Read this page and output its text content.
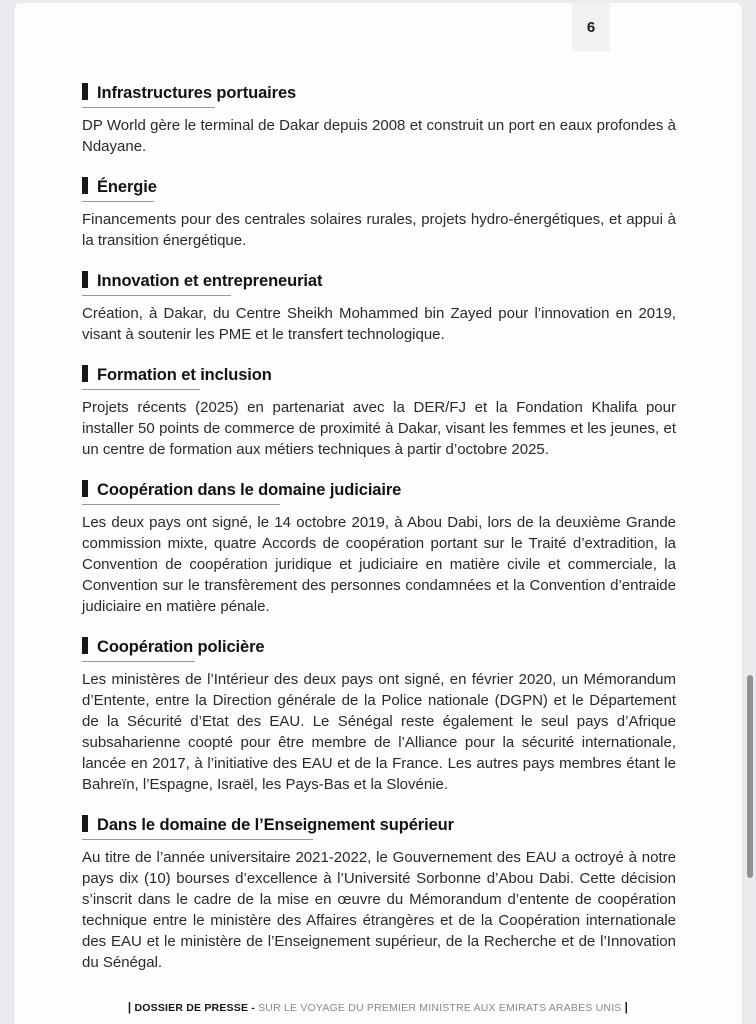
6
Infrastructures portuaires

DP World gère le terminal de Dakar depuis 2008 et construit un port en eaux profondes à Ndayane.

Énergie

Financements pour des centrales solaires rurales, projets hydro-énergétiques, et appui à la transition énergétique.

Innovation et entrepreneuriat

Création, à Dakar, du Centre Sheikh Mohammed bin Zayed pour l’innovation en 2019, visant à soutenir les PME et le transfert technologique.

Formation et inclusion

Projets récents (2025) en partenariat avec la DER/FJ et la Fondation Khalifa pour installer 50 points de commerce de proximité à Dakar, visant les femmes et les jeunes, et un centre de formation aux métiers techniques à partir d’octobre 2025.

Coopération dans le domaine judiciaire

Les deux pays ont signé, le 14 octobre 2019, à Abou Dabi, lors de la deuxième Grande commission mixte, quatre Accords de coopération portant sur le Traité d’extradition, la Convention de coopération juridique et judiciaire en matière civile et commerciale, la Convention sur le transfèrement des personnes condamnées et la Convention d’entraide judiciaire en matière pénale.

Coopération policière

Les ministères de l’Intérieur des deux pays ont signé, en février 2020, un Mémorandum d’Entente, entre la Direction générale de la Police nationale (DGPN) et le Département de la Sécurité d’Etat des EAU. Le Sénégal reste également le seul pays d’Afrique subsaharienne coopté pour être membre de l’Alliance pour la sécurité internationale, lancée en 2017, à l’initiative des EAU et de la France. Les autres pays membres étant le Bahreïn, l’Espagne, Israël, les Pays-Bas et la Slovénie.

Dans le domaine de l’Enseignement supérieur

Au titre de l’année universitaire 2021-2022, le Gouvernement des EAU a octroyé à notre pays dix (10) bourses d’excellence à l’Université Sorbonne d’Abou Dabi. Cette décision s’inscrit dans le cadre de la mise en œuvre du Mémorandum d’entente de coopération technique entre le ministère des Affaires étrangères et de la Coopération internationale des EAU et le ministère de l’Enseignement supérieur, de la Recherche et de l’Innovation du Sénégal.

| DOSSIER DE PRESSE - SUR LE VOYAGE DU PREMIER MINISTRE AUX EMIRATS ARABES UNIS |
